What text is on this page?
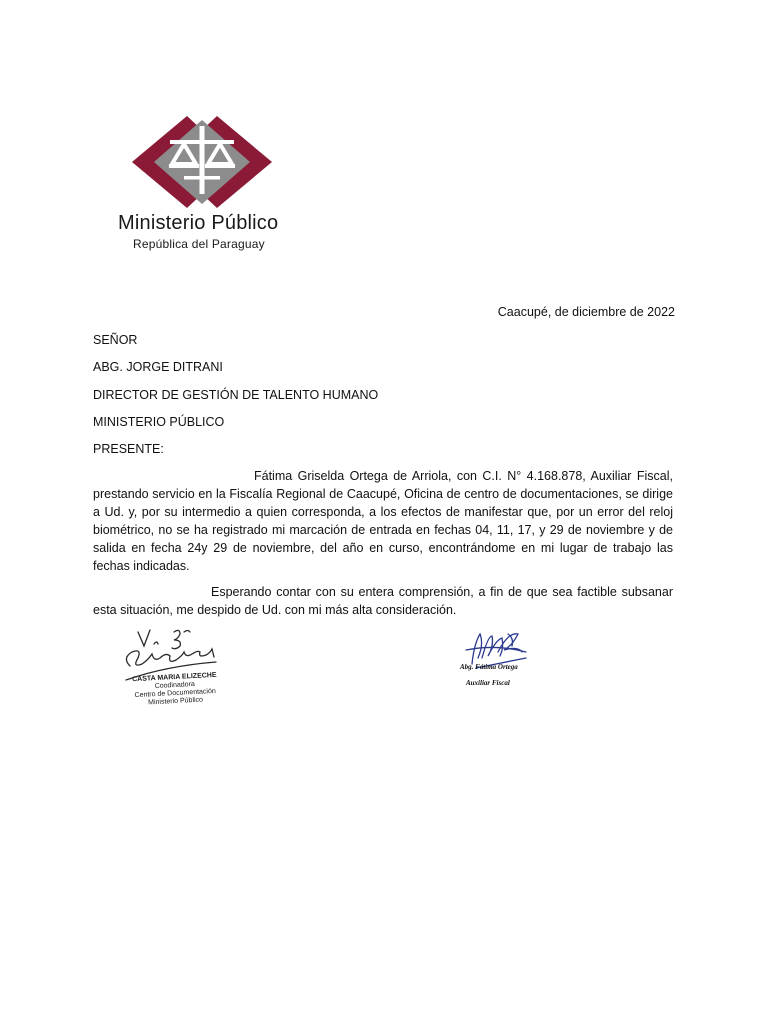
Ministerio Público
República del Paraguay
Caacupé, de diciembre de 2022
SEÑOR
ABG. JORGE DITRANI
DIRECTOR DE GESTIÓN DE TALENTO HUMANO
MINISTERIO PÚBLICO
PRESENTE:
Fátima Griselda Ortega de Arriola, con C.I. N° 4.168.878, Auxiliar Fiscal, prestando servicio en la Fiscalía Regional de Caacupé, Oficina de centro de documentaciones, se dirige a Ud. y, por su intermedio a quien corresponda, a los efectos de manifestar que, por un error del reloj biométrico, no se ha registrado mi marcación de entrada en fechas 04, 11, 17, y 29 de noviembre y de salida en fecha 24y 29 de noviembre, del año en curso, encontrándome en mi lugar de trabajo las fechas indicadas.
Esperando contar con su entera comprensión, a fin de que sea factible subsanar esta situación, me despido de Ud. con mi más alta consideración.
CASTA MARIA ELIZECHE
Coodinadora
Centro de Documentación
Ministerio Público
Abg. Fátima Ortega
Auxiliar Fiscal
